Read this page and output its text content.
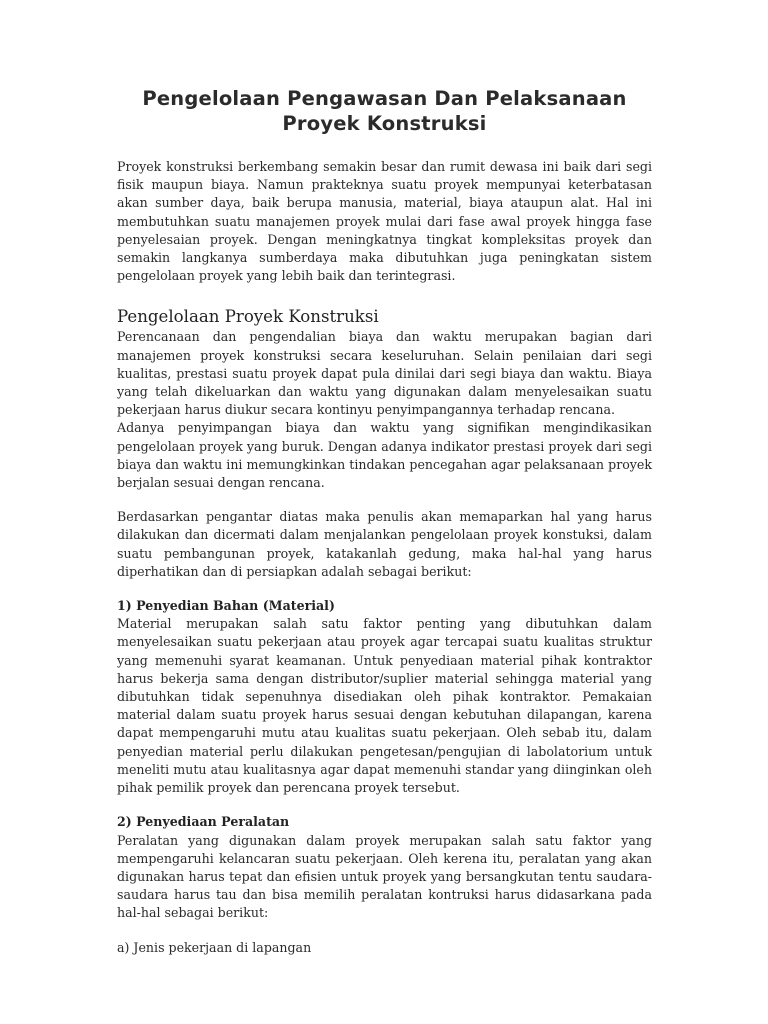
Pengelolaan Pengawasan Dan Pelaksanaan
Proyek Konstruksi

Proyek konstruksi berkembang semakin besar dan rumit dewasa ini baik dari segi fisik maupun biaya. Namun prakteknya suatu proyek mempunyai keterbatasan akan sumber daya, baik berupa manusia, material, biaya ataupun alat. Hal ini membutuhkan suatu manajemen proyek mulai dari fase awal proyek hingga fase penyelesaian proyek. Dengan meningkatnya tingkat kompleksitas proyek dan semakin langkanya sumberdaya maka dibutuhkan juga peningkatan sistem pengelolaan proyek yang lebih baik dan terintegrasi.

Pengelolaan Proyek Konstruksi

Perencanaan dan pengendalian biaya dan waktu merupakan bagian dari manajemen proyek konstruksi secara keseluruhan. Selain penilaian dari segi kualitas, prestasi suatu proyek dapat pula dinilai dari segi biaya dan waktu. Biaya yang telah dikeluarkan dan waktu yang digunakan dalam menyelesaikan suatu pekerjaan harus diukur secara kontinyu penyimpangannya terhadap rencana.

Adanya penyimpangan biaya dan waktu yang signifikan mengindikasikan pengelolaan proyek yang buruk. Dengan adanya indikator prestasi proyek dari segi biaya dan waktu ini memungkinkan tindakan pencegahan agar pelaksanaan proyek berjalan sesuai dengan rencana.

Berdasarkan pengantar diatas maka penulis akan memaparkan hal yang harus dilakukan dan dicermati dalam menjalankan pengelolaan proyek konstuksi, dalam suatu pembangunan proyek, katakanlah gedung, maka hal-hal yang harus diperhatikan dan di persiapkan adalah sebagai berikut:

1) Penyedian Bahan (Material)

Material merupakan salah satu faktor penting yang dibutuhkan dalam menyelesaikan suatu pekerjaan atau proyek agar tercapai suatu kualitas struktur yang memenuhi syarat keamanan. Untuk penyediaan material pihak kontraktor harus bekerja sama dengan distributor/suplier material sehingga material yang dibutuhkan tidak sepenuhnya disediakan oleh pihak kontraktor. Pemakaian material dalam suatu proyek harus sesuai dengan kebutuhan dilapangan, karena dapat mempengaruhi mutu atau kualitas suatu pekerjaan. Oleh sebab itu, dalam penyedian material perlu dilakukan pengetesan/pengujian di labolatorium untuk meneliti mutu atau kualitasnya agar dapat memenuhi standar yang diinginkan oleh pihak pemilik proyek dan perencana proyek tersebut.

2) Penyediaan Peralatan

Peralatan yang digunakan dalam proyek merupakan salah satu faktor yang mempengaruhi kelancaran suatu pekerjaan. Oleh kerena itu, peralatan yang akan digunakan harus tepat dan efisien untuk proyek yang bersangkutan tentu saudara-saudara harus tau dan bisa memilih peralatan kontruksi harus didasarkana pada hal-hal sebagai berikut:

a) Jenis pekerjaan di lapangan
